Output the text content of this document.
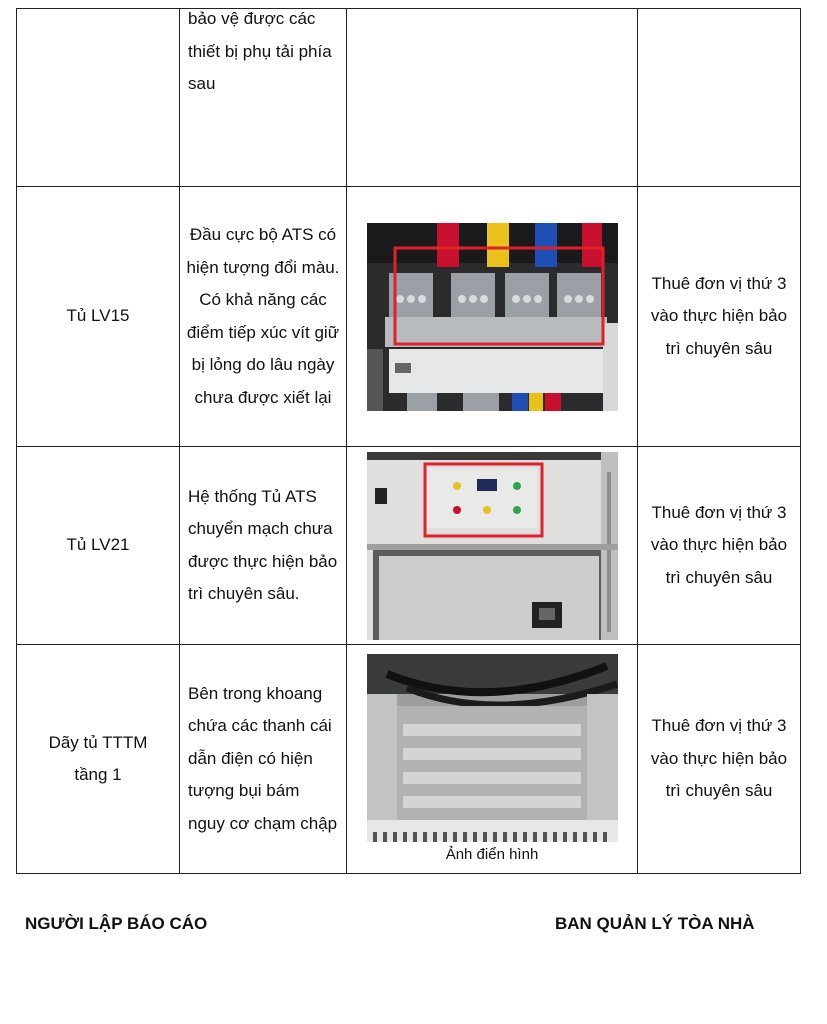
	bảo vệ được các thiết bị phụ tải phía sau		

Tủ LV15	Đầu cực bộ ATS có hiện tượng đổi màu. Có khả năng các điểm tiếp xúc vít giữ bị lỏng do lâu ngày chưa được xiết lại		Thuê đơn vị thứ 3 vào thực hiện bảo trì chuyên sâu

Tủ LV21	Hệ thống Tủ ATS chuyển mạch chưa được thực hiện bảo trì chuyên sâu.		Thuê đơn vị thứ 3 vào thực hiện bảo trì chuyên sâu

Dãy tủ TTTM tầng 1	Bên trong khoang chứa các thanh cái dẫn điện có hiện tượng bụi bám nguy cơ chạm chập	Ảnh điển hình	Thuê đơn vị thứ 3 vào thực hiện bảo trì chuyên sâu
NGƯỜI LẬP BÁO CÁO	BAN QUẢN LÝ TÒA NHÀ
